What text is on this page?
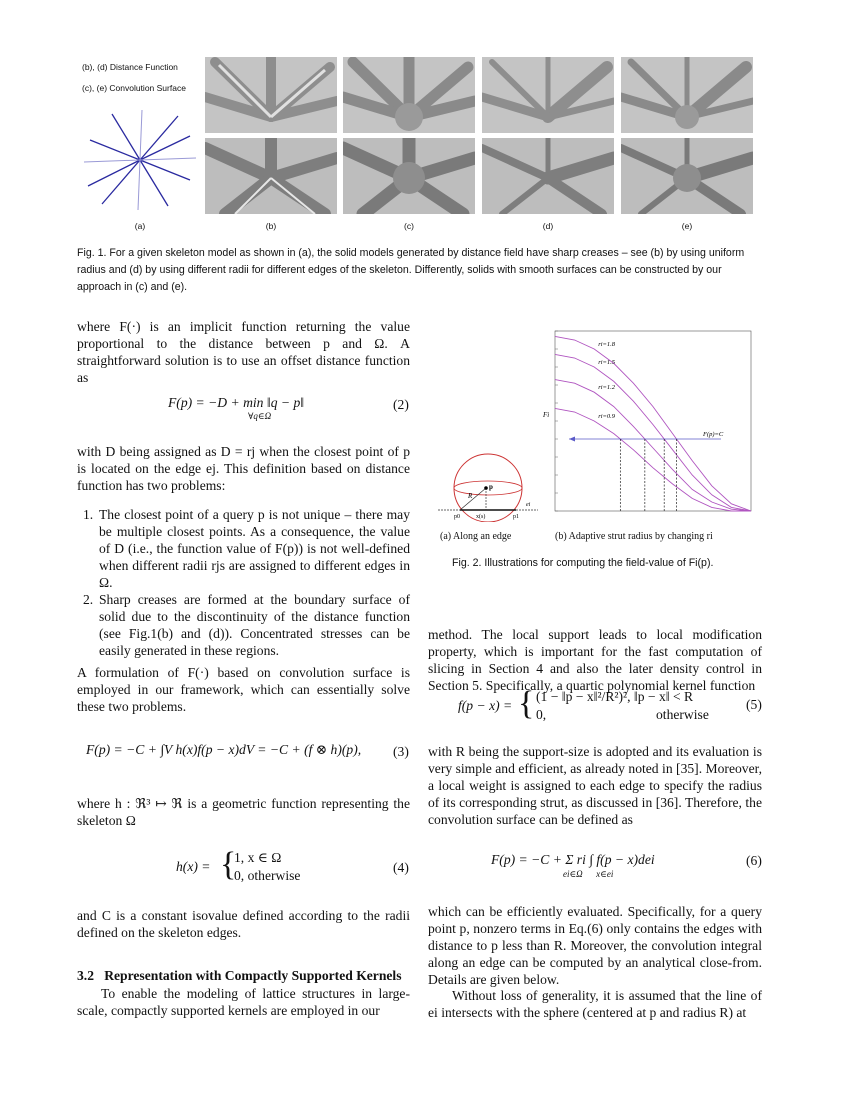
(b), (d) Distance Function
(c), (e) Convolution Surface
(a)	(b)	(c)	(d)	(e)
Fig. 1. For a given skeleton model as shown in (a), the solid models generated by distance field have sharp creases – see (b) by using uniform radius and (d) by using different radii for different edges of the skeleton. Differently, solids with smooth surfaces can be constructed by our approach in (c) and (e).
where F(·) is an implicit function returning the value proportional to the distance between p and Ω. A straightforward solution is to use an offset distance function as
F(p) = −D + min ‖q − p‖
∀q∈Ω
(2)
with D being assigned as D = rj when the closest point of p is located on the edge ej. This definition based on distance function has two problems:
1. The closest point of a query p is not unique – there may be multiple closest points. As a consequence, the value of D (i.e., the function value of F(p)) is not well-defined when different radii rjs are assigned to different edges in Ω.
2. Sharp creases are formed at the boundary surface of solid due to the discontinuity of the distance function (see Fig.1(b) and (d)). Concentrated stresses can be easily generated in these regions.
A formulation of F(·) based on convolution surface is employed in our framework, which can essentially solve these two problems.
F(p) = −C + ∫V h(x)f(p − x)dV = −C + (f ⊗ h)(p), (3)
where h : ℜ³ ↦ ℜ is a geometric function representing the skeleton Ω
h(x) = {
1, x ∈ Ω
0, otherwise
(4)
and C is a constant isovalue defined according to the radii defined on the skeleton edges.
3.2 Representation with Compactly Supported Kernels
To enable the modeling of lattice structures in large-scale, compactly supported kernels are employed in our
p
R
x(s)
ei
p0	p1
ri=1.8
ri=1.5
ri=1.2
ri=0.9
F(p)=C
Fi
(a) Along an edge	(b) Adaptive strut radius by changing ri
Fig. 2. Illustrations for computing the field-value of Fi(p).
method. The local support leads to local modification property, which is important for the fast computation of slicing in Section 4 and also the later density control in Section 5. Specifically, a quartic polynomial kernel function
f(p − x) = { (1 − ‖p − x‖²/R²)², ‖p − x‖ < R
0,	otherwise
(5)
with R being the support-size is adopted and its evaluation is very simple and efficient, as already noted in [35]. Moreover, a local weight is assigned to each edge to specify the radius of its corresponding strut, as discussed in [36]. Therefore, the convolution surface can be defined as
F(p) = −C + Σ ri ∫ f(p − x)dei
ei∈Ω      x∈ei
(6)
which can be efficiently evaluated. Specifically, for a query point p, nonzero terms in Eq.(6) only contains the edges with distance to p less than R. Moreover, the convolution integral along an edge can be computed by an analytical close-from. Details are given below.
Without loss of generality, it is assumed that the line of ei intersects with the sphere (centered at p and radius R) at
